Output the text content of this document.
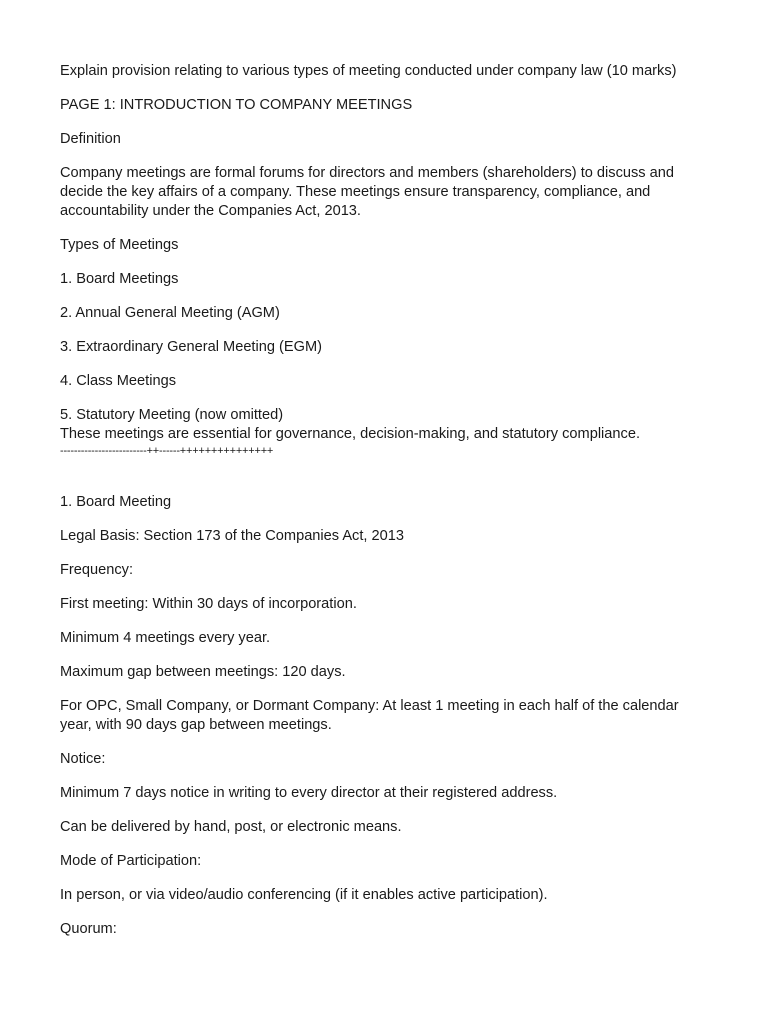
Explain provision relating to various types of meeting conducted under company law (10 marks)

PAGE 1: INTRODUCTION TO COMPANY MEETINGS

Definition

Company meetings are formal forums for directors and members (shareholders) to discuss and decide the key affairs of a company. These meetings ensure transparency, compliance, and accountability under the Companies Act, 2013.

Types of Meetings

1. Board Meetings

2. Annual General Meeting (AGM)

3. Extraordinary General Meeting (EGM)

4. Class Meetings

5. Statutory Meeting (now omitted)

These meetings are essential for governance, decision-making, and statutory compliance.

-------------------------++------+++++++++++++++

1. Board Meeting

Legal Basis: Section 173 of the Companies Act, 2013

Frequency:

First meeting: Within 30 days of incorporation.

Minimum 4 meetings every year.

Maximum gap between meetings: 120 days.

For OPC, Small Company, or Dormant Company: At least 1 meeting in each half of the calendar year, with 90 days gap between meetings.

Notice:

Minimum 7 days notice in writing to every director at their registered address.

Can be delivered by hand, post, or electronic means.

Mode of Participation:

In person, or via video/audio conferencing (if it enables active participation).

Quorum:
